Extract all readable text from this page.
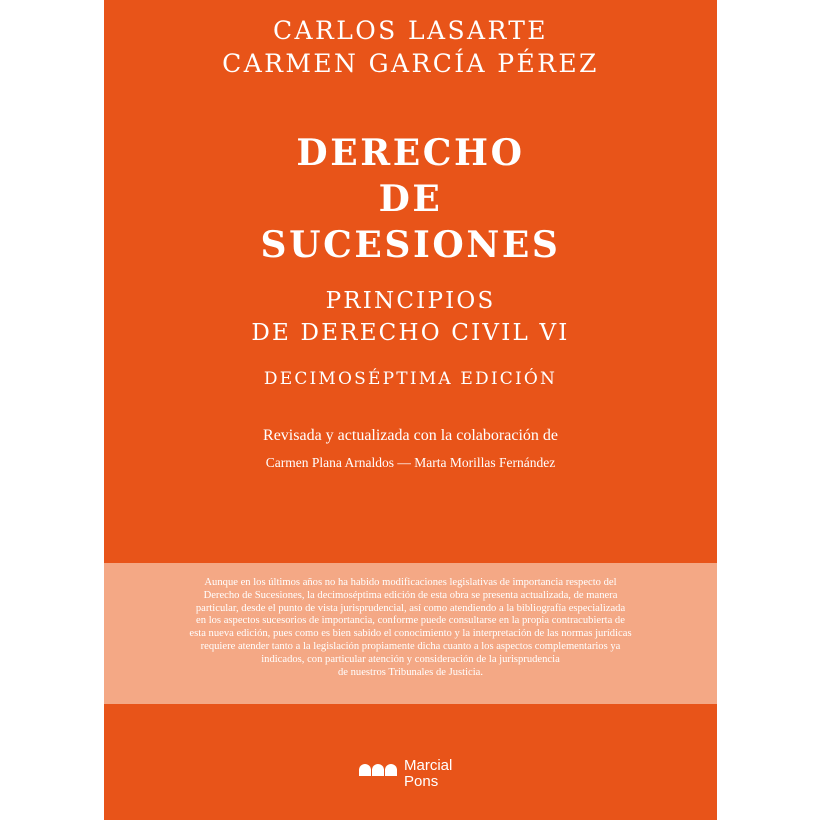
CARLOS LASARTE
CARMEN GARCÍA PÉREZ
DERECHO
DE
SUCESIONES
PRINCIPIOS
DE DERECHO CIVIL VI
DECIMOSÉPTIMA EDICIÓN
Revisada y actualizada con la colaboración de
Carmen Plana Arnaldos — Marta Morillas Fernández
Aunque en los últimos años no ha habido modificaciones legislativas de importancia respecto del
Derecho de Sucesiones, la decimoséptima edición de esta obra se presenta actualizada, de manera
particular, desde el punto de vista jurisprudencial, así como atendiendo a la bibliografía especializada
en los aspectos sucesorios de importancia, conforme puede consultarse en la propia contracubierta de
esta nueva edición, pues como es bien sabido el conocimiento y la interpretación de las normas jurídicas
requiere atender tanto a la legislación propiamente dicha cuanto a los aspectos complementarios ya
indicados, con particular atención y consideración de la jurisprudencia
de nuestros Tribunales de Justicia.
Marcial
Pons
